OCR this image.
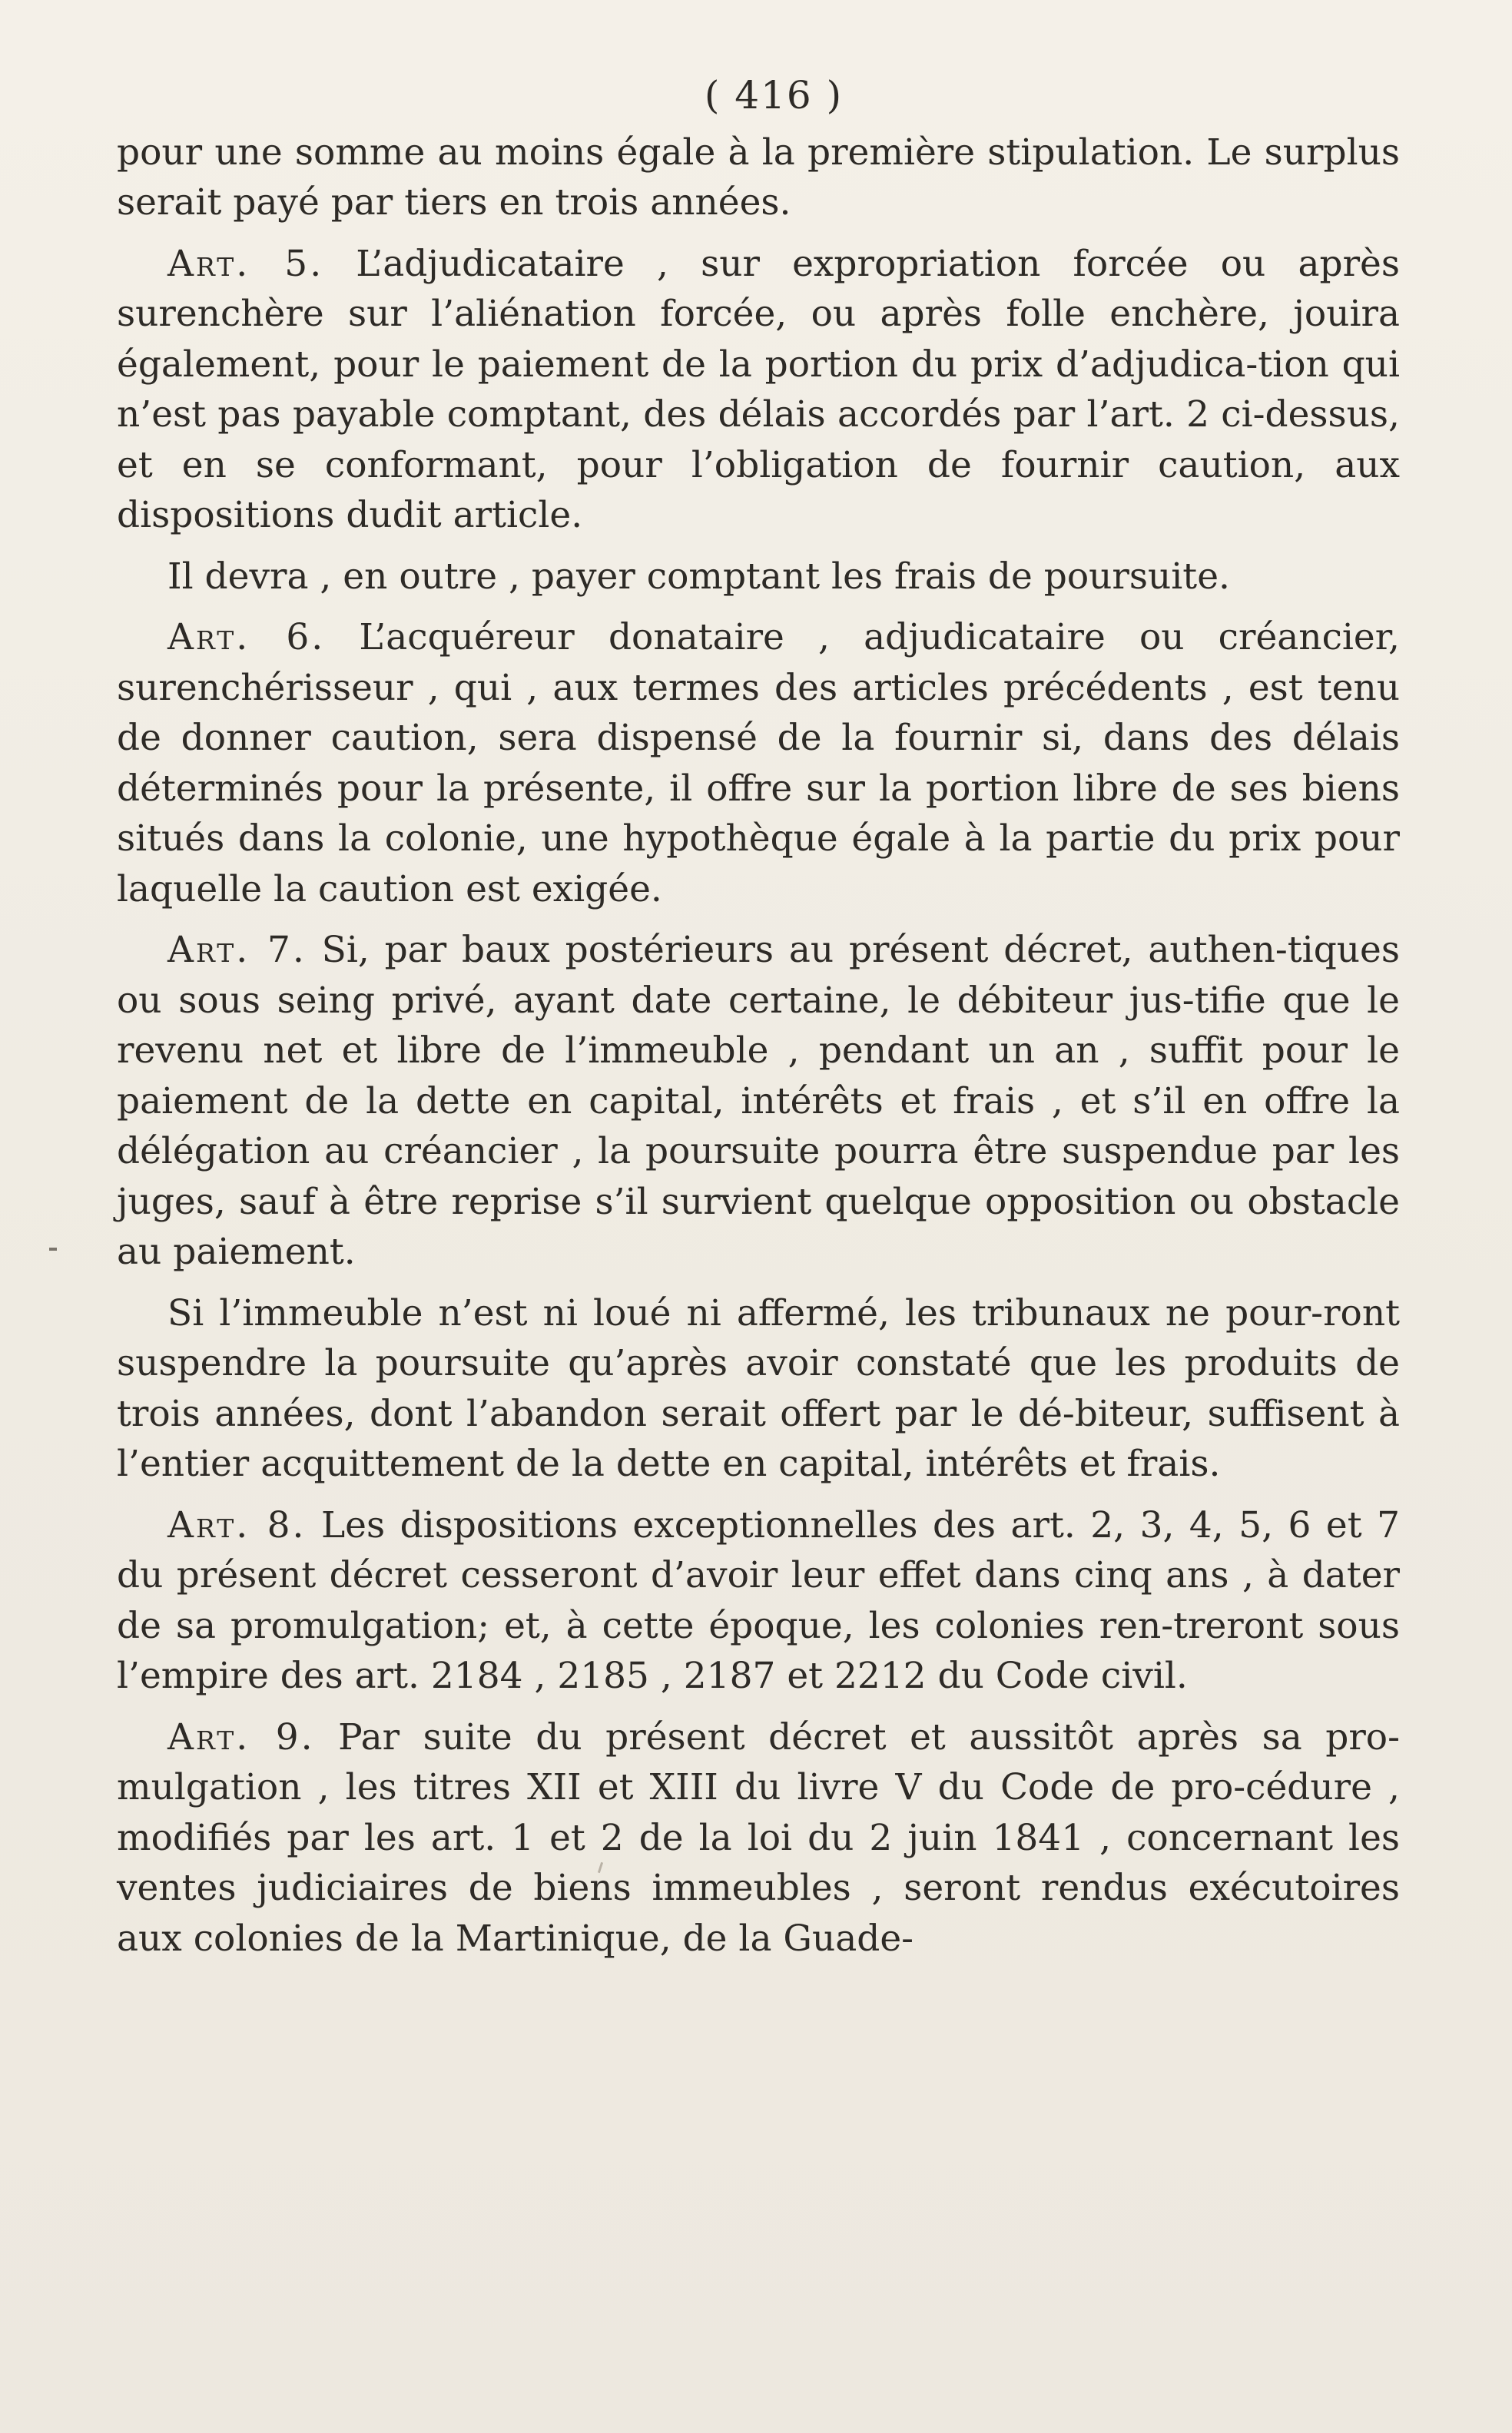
( 416 )

pour une somme au moins égale à la première stipulation. Le surplus serait payé par tiers en trois années.

Art. 5. L’adjudicataire , sur expropriation forcée ou après surenchère sur l’aliénation forcée, ou après folle enchère, jouira également, pour le paiement de la portion du prix d’adjudica-tion qui n’est pas payable comptant, des délais accordés par l’art. 2 ci-dessus, et en se conformant, pour l’obligation de fournir caution, aux dispositions dudit article.

Il devra , en outre , payer comptant les frais de poursuite.

Art. 6. L’acquéreur donataire , adjudicataire ou créancier, surenchérisseur , qui , aux termes des articles précédents , est tenu de donner caution, sera dispensé de la fournir si, dans des délais déterminés pour la présente, il offre sur la portion libre de ses biens situés dans la colonie, une hypothèque égale à la partie du prix pour laquelle la caution est exigée.

Art. 7. Si, par baux postérieurs au présent décret, authen-tiques ou sous seing privé, ayant date certaine, le débiteur jus-tifie que le revenu net et libre de l’immeuble , pendant un an , suffit pour le paiement de la dette en capital, intérêts et frais , et s’il en offre la délégation au créancier , la poursuite pourra être suspendue par les juges, sauf à être reprise s’il survient quelque opposition ou obstacle au paiement.

Si l’immeuble n’est ni loué ni affermé, les tribunaux ne pour-ront suspendre la poursuite qu’après avoir constaté que les produits de trois années, dont l’abandon serait offert par le dé-biteur, suffisent à l’entier acquittement de la dette en capital, intérêts et frais.

Art. 8. Les dispositions exceptionnelles des art. 2, 3, 4, 5, 6 et 7 du présent décret cesseront d’avoir leur effet dans cinq ans , à dater de sa promulgation; et, à cette époque, les colonies ren-treront sous l’empire des art. 2184 , 2185 , 2187 et 2212 du Code civil.

Art. 9. Par suite du présent décret et aussitôt après sa pro-mulgation , les titres XII et XIII du livre V du Code de pro-cédure , modifiés par les art. 1 et 2 de la loi du 2 juin 1841 , concernant les ventes judiciaires de biens immeubles , seront rendus exécutoires aux colonies de la Martinique, de la Guade-
